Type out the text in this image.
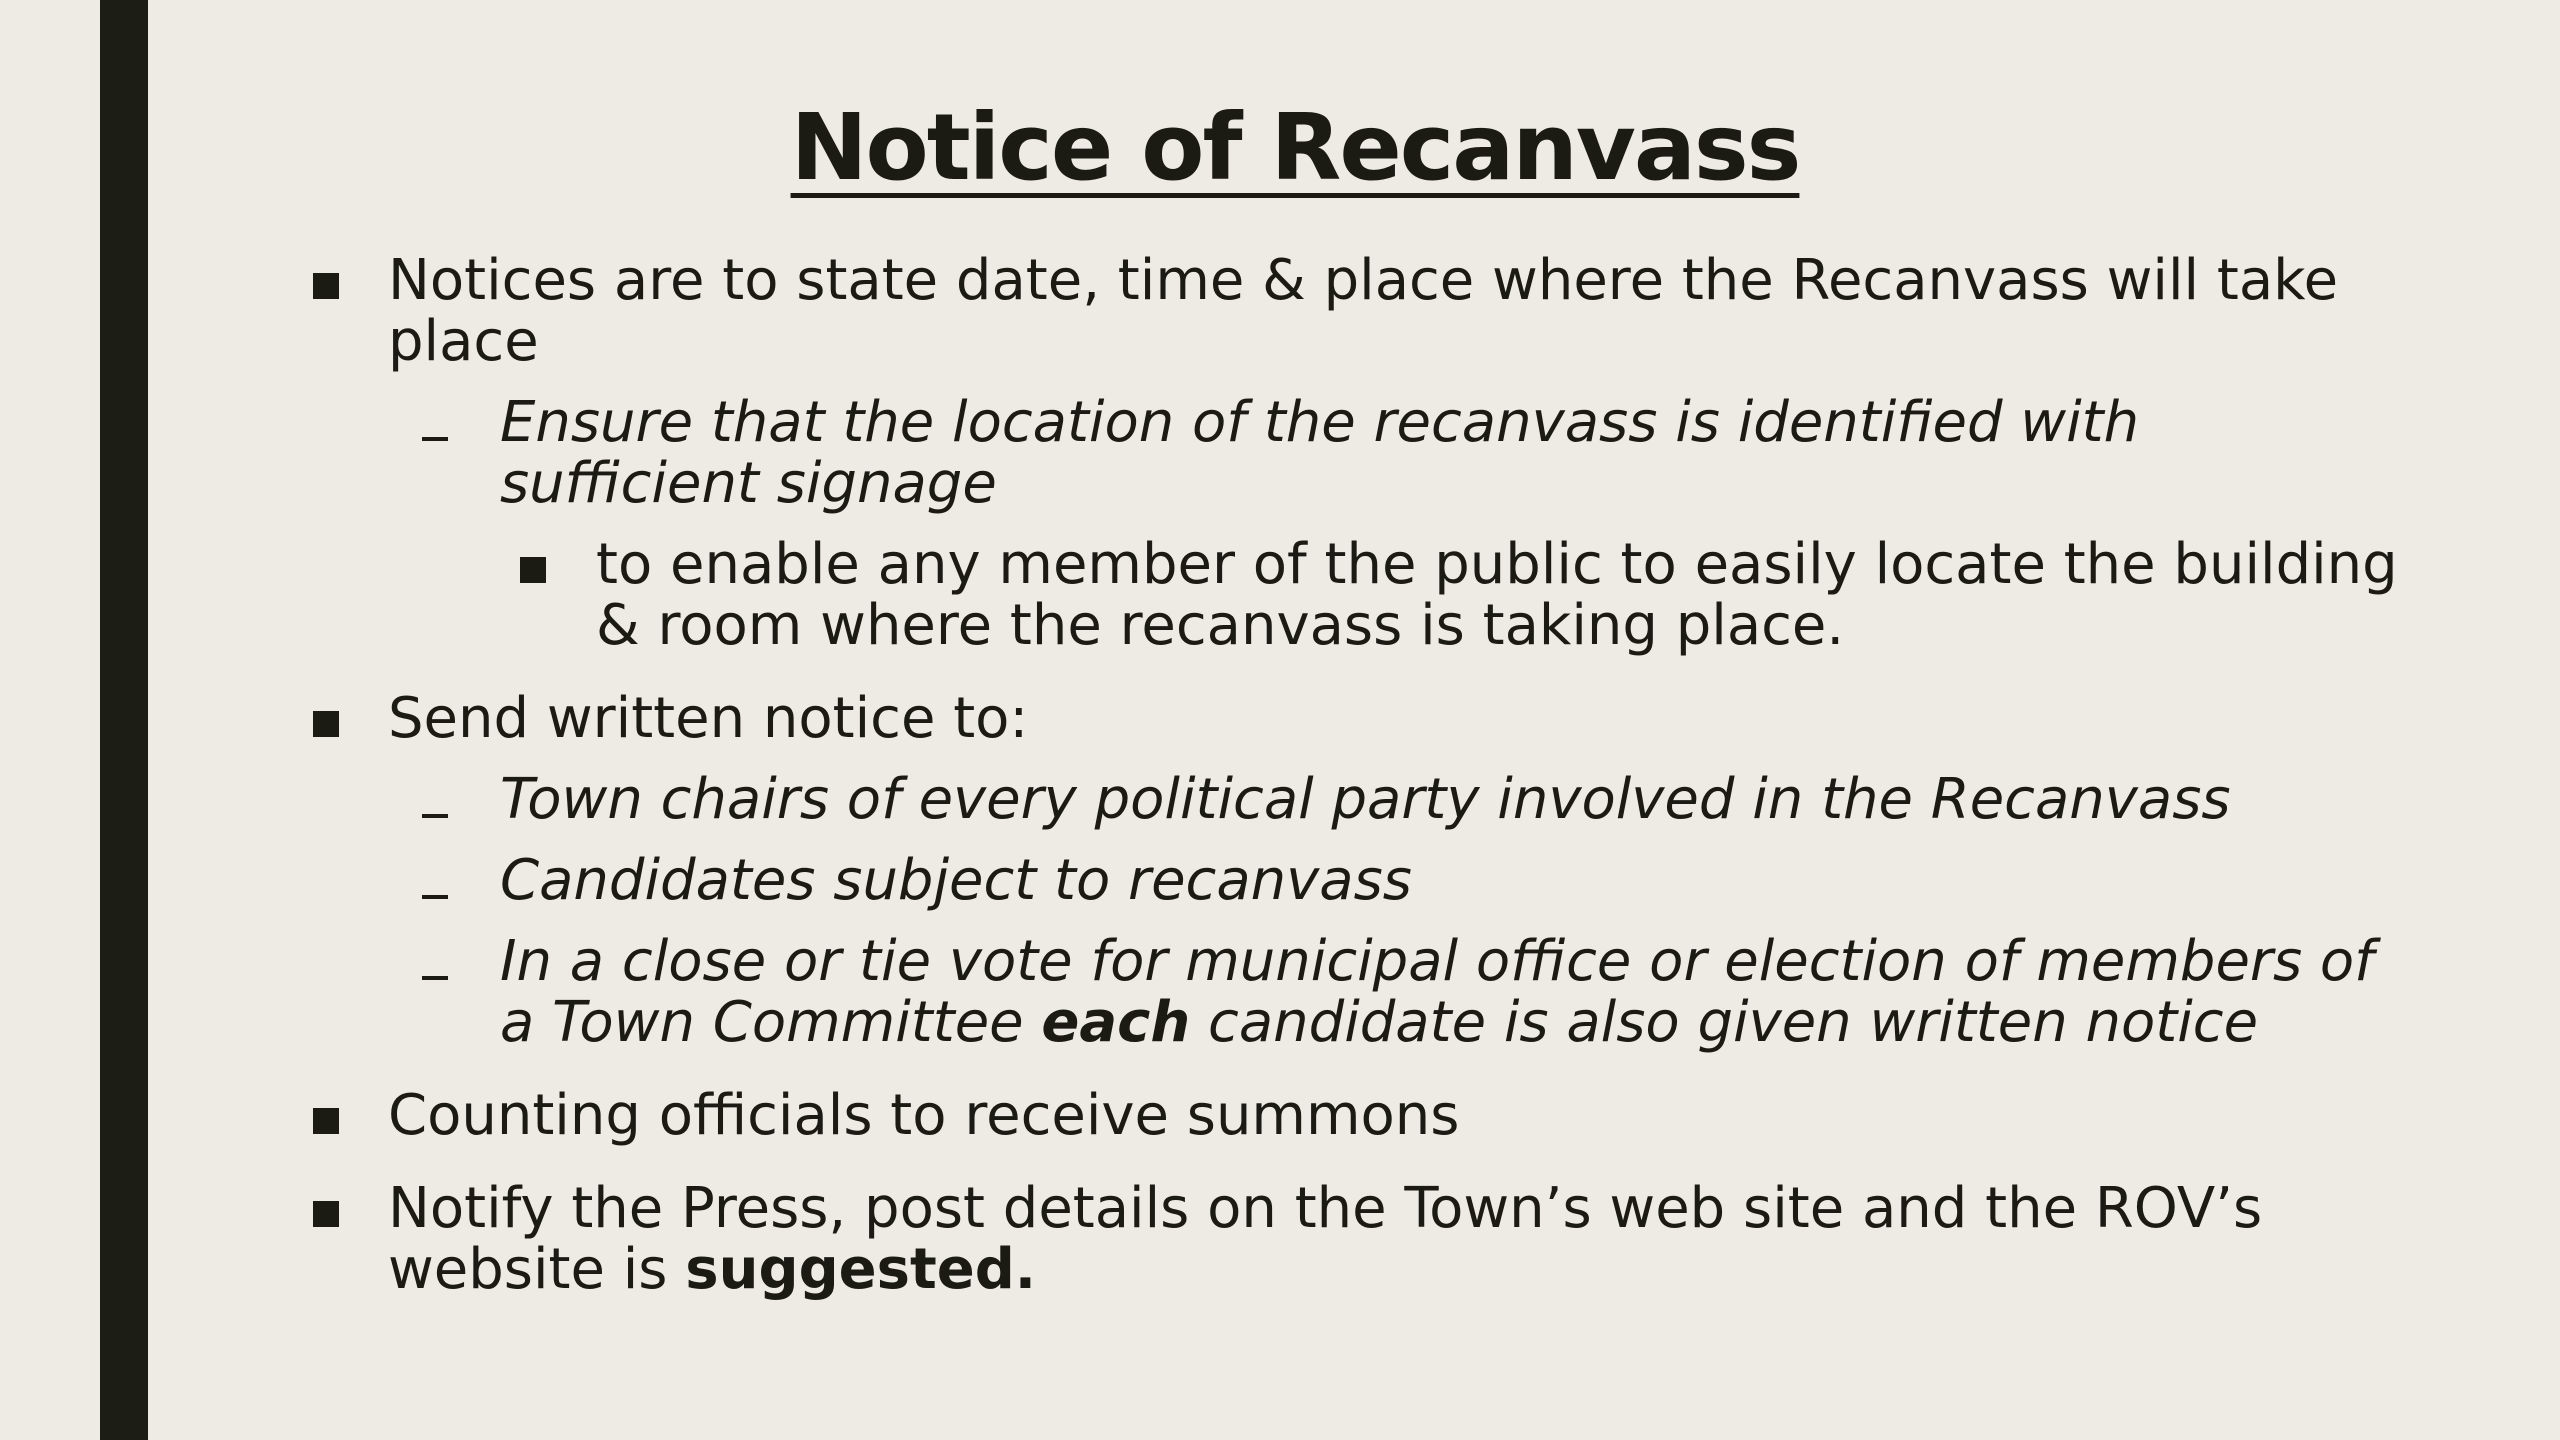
Notice of Recanvass
Notices are to state date, time & place where the Recanvass will take place
Ensure that the location of the recanvass is identified with sufficient signage
to enable any member of the public to easily locate the building & room where the recanvass is taking place.
Send written notice to:
Town chairs of every political party involved in the Recanvass
Candidates subject to recanvass
In a close or tie vote for municipal office or election of members of a Town Committee each candidate is also given written notice
Counting officials to receive summons
Notify the Press, post details on the Town’s web site and the ROV’s website is suggested.
